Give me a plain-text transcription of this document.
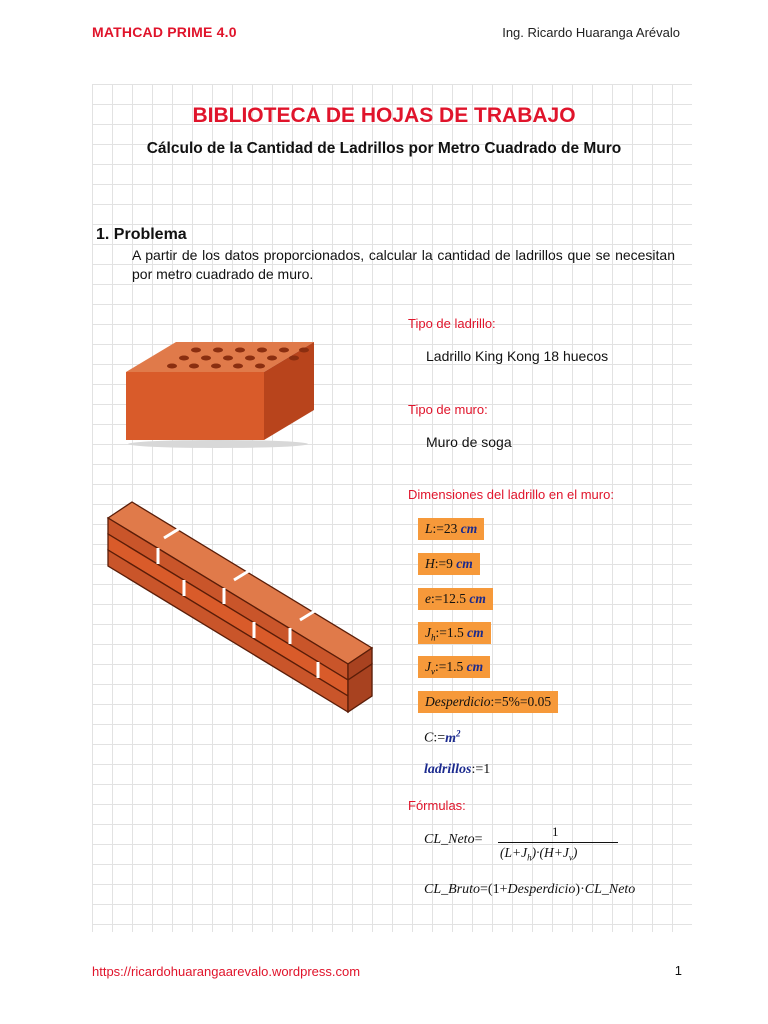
MATHCAD PRIME 4.0	Ing. Ricardo Huaranga Arévalo
BIBLIOTECA DE HOJAS DE TRABAJO
Cálculo de la Cantidad de Ladrillos por Metro Cuadrado de Muro
1. Problema
A partir de los datos proporcionados, calcular la cantidad de ladrillos que se necesitan por metro cuadrado de muro.
Tipo de ladrillo:
Ladrillo King Kong 18 huecos
Tipo de muro:
Muro de soga
Dimensiones del ladrillo en el muro:
L:=23 cm
H:=9 cm
e:=12.5 cm
$J_h:=1.5$ cm
$J_v:=1.5$ cm
Desperdicio:=5%=0.05
$C:=m^2$
ladrillos:=1
Fórmulas:
CL_Neto=
1
$(L+J_h)\cdot(H+J_v)$
CL_Bruto=(1+Desperdicio)·CL_Neto
https://ricardohuarangaarevalo.wordpress.com	1
